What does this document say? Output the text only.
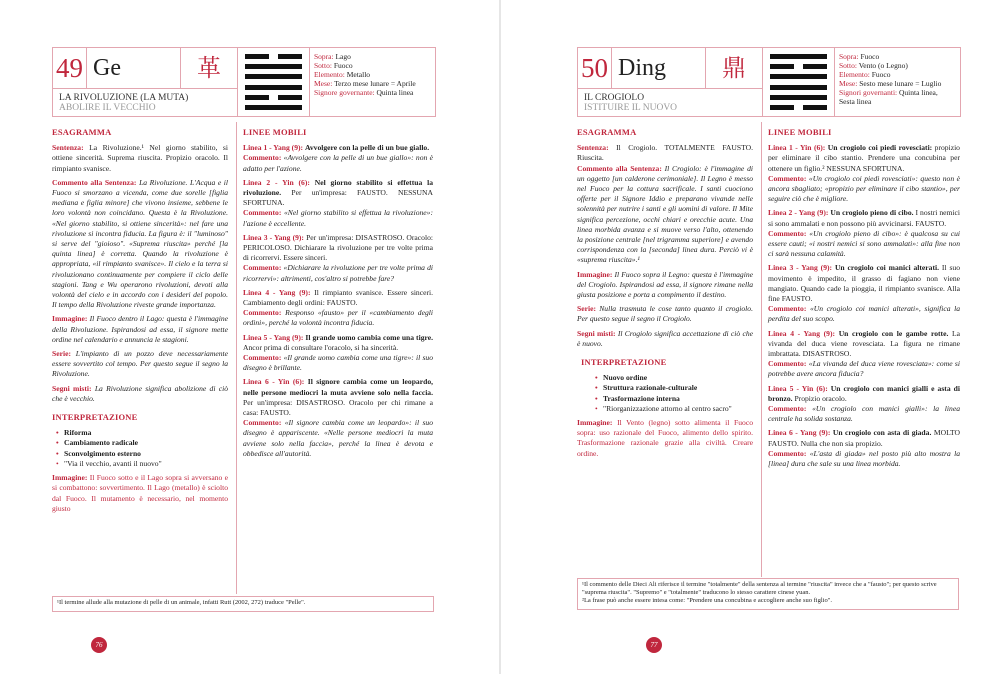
49 Ge	革
LA RIVOLUZIONE (LA MUTA)
ABOLIRE IL VECCHIO
Sopra: Lago
Sotto: Fuoco
Elemento: Metallo
Mese: Terzo mese lunare = Aprile
Signore governante: Quinta linea
ESAGRAMMA

Sentenza: La Rivoluzione.¹ Nel giorno stabilito, si ottiene sincerità. Suprema riuscita. Propizio oracolo. Il rimpianto svanisce.

Commento alla Sentenza: La Rivoluzione. L'Acqua e il Fuoco si smorzano a vicenda, come due sorelle [figlia mediana e figlia minore] che vivono insieme, sebbene le loro volontà non coincidano. Questa è la Rivoluzione. «Nel giorno stabilito, si ottiene sincerità»: nel fare una rivoluzione si incontra fiducia. La figura è: il "luminoso" si serve del "gioioso". «Suprema riuscita» perché [la quinta linea] è corretta. Quando la rivoluzione è appropriata, «il rimpianto svanisce». Il cielo e la terra si rivoluzionano continuamente per compiere il ciclo delle stagioni. Tang e Wu operarono rivoluzioni, devoti alla volontà del cielo e in accordo con i desideri del popolo. Il tempo della Rivoluzione riveste grande importanza.

Immagine: Il Fuoco dentro il Lago: questa è l'immagine della Rivoluzione. Ispirandosi ad essa, il signore mette ordine nel calendario e annuncia le stagioni.

Serie: L'impianto di un pozzo deve necessariamente essere sovvertito col tempo. Per questo segue il segno la Rivoluzione.

Segni misti: La Rivoluzione significa abolizione di ciò che è vecchio.

INTERPRETAZIONE
• Riforma
• Cambiamento radicale
• Sconvolgimento esterno
• "Via il vecchio, avanti il nuovo"

Immagine: Il Fuoco sotto e il Lago sopra si avversano e si combattono: sovvertimento. Il Lago (metallo) è sciolto dal Fuoco. Il mutamento è necessario, nel momento giusto

LINEE MOBILI

Linea 1 - Yang (9): Avvolgere con la pelle di un bue giallo.
Commento: «Avvolgere con la pelle di un bue giallo»: non è adatto per l'azione.

Linea 2 - Yin (6): Nel giorno stabilito si effettua la rivoluzione. Per un'impresa: FAUSTO. NESSUNA SFORTUNA.
Commento: «Nel giorno stabilito si effettua la rivoluzione»: l'azione è eccellente.

Linea 3 - Yang (9): Per un'impresa: DISASTROSO. Oracolo: PERICOLOSO. Dichiarare la rivoluzione per tre volte prima di ricorrervi. Essere sinceri.
Commento: «Dichiarare la rivoluzione per tre volte prima di ricorrervi»: altrimenti, cos'altro si potrebbe fare?

Linea 4 - Yang (9): Il rimpianto svanisce. Essere sinceri. Cambiamento degli ordini: FAUSTO.
Commento: Responso «fausto» per il «cambiamento degli ordini», perché la volontà incontra fiducia.

Linea 5 - Yang (9): Il grande uomo cambia come una tigre. Ancor prima di consultare l'oracolo, si ha sincerità.
Commento: «Il grande uomo cambia come una tigre»: il suo disegno è brillante.

Linea 6 - Yin (6): Il signore cambia come un leopardo, nelle persone mediocri la muta avviene solo nella faccia. Per un'impresa: DISASTROSO. Oracolo per chi rimane a casa: FAUSTO.
Commento: «Il signore cambia come un leopardo»: il suo disegno è appariscente. «Nelle persone mediocri la muta avviene solo nella faccia», perché la linea è devota e obbedisce all'autorità.

¹Il termine allude alla mutazione di pelle di un animale, infatti Rutt (2002, 272) traduce "Pelle".
76
50 Ding	鼎
IL CROGIOLO
ISTITUIRE IL NUOVO
Sopra: Fuoco
Sotto: Vento (o Legno)
Elemento: Fuoco
Mese: Sesto mese lunare = Luglio
Signori governanti: Quinta linea, Sesta linea
ESAGRAMMA

Sentenza: Il Crogiolo. TOTALMENTE FAUSTO. Riuscita.
Commento alla Sentenza: Il Crogiolo: è l'immagine di un oggetto [un calderone cerimoniale]. Il Legno è messo nel Fuoco per la cottura sacrificale. I santi cuociono offerte per il Signore Iddio e preparano vivande nelle solennità per nutrire i santi e gli uomini di valore. Il Mite significa percezione, occhi chiari e orecchie acute. Una linea morbida avanza e si muove verso l'alto, ottenendo la posizione centrale [nel trigramma superiore] e avendo corrispondenza con la [seconda] linea dura. Perciò vi è «suprema riuscita».¹

Immagine: Il Fuoco sopra il Legno: questa è l'immagine del Crogiolo. Ispirandosi ad essa, il signore rimane nella giusta posizione e porta a compimento il destino.

Serie: Nulla trasmuta le cose tanto quanto il crogiolo. Per questo segue il segno il Crogiolo.

Segni misti: Il Crogiolo significa accettazione di ciò che è nuovo.

INTERPRETAZIONE
• Nuovo ordine
• Struttura razionale-culturale
• Trasformazione interna
• "Riorganizzazione attorno al centro sacro"

Immagine: Il Vento (legno) sotto alimenta il Fuoco sopra: uso razionale del Fuoco, alimento dello spirito. Trasformazione razionale grazie alla civiltà. Creare ordine.

LINEE MOBILI

Linea 1 - Yin (6): Un crogiolo coi piedi rovesciati: propizio per eliminare il cibo stantio. Prendere una concubina per ottenere un figlio.² NESSUNA SFORTUNA.
Commento: «Un crogiolo coi piedi rovesciati»: questo non è ancora sbagliato; «propizio per eliminare il cibo stantio», per seguire ciò che è migliore.

Linea 2 - Yang (9): Un crogiolo pieno di cibo. I nostri nemici si sono ammalati e non possono più avvicinarsi. FAUSTO.
Commento: «Un crogiolo pieno di cibo»: è qualcosa su cui essere cauti; «i nostri nemici si sono ammalati»: alla fine non ci sarà nessuna calamità.

Linea 3 - Yang (9): Un crogiolo coi manici alterati. Il suo movimento è impedito, il grasso di fagiano non viene mangiato. Quando cade la pioggia, il rimpianto svanisce. Alla fine FAUSTO.
Commento: «Un crogiolo coi manici alterati», significa la perdita del suo scopo.

Linea 4 - Yang (9): Un crogiolo con le gambe rotte. La vivanda del duca viene rovesciata. La figura ne rimane imbrattata. DISASTROSO.
Commento: «La vivanda del duca viene rovesciata»: come si potrebbe avere ancora fiducia?

Linea 5 - Yin (6): Un crogiolo con manici gialli e asta di bronzo. Propizio oracolo.
Commento: «Un crogiolo con manici gialli»: la linea centrale ha solida sostanza.

Linea 6 - Yang (9): Un crogiolo con asta di giada. MOLTO FAUSTO. Nulla che non sia propizio.
Commento: «L'asta di giada» nel posto più alto mostra la [linea] dura che sale su una linea morbida.

¹Il commento delle Dieci Ali riferisce il termine "totalmente" della sentenza al termine "riuscita" invece che a "fausto"; per questo scrive "suprema riuscita". "Supremo" e "totalmente" traducono lo stesso carattere cinese yuan.
²La frase può anche essere intesa come: "Prendere una concubina e accogliere anche suo figlio".
77
